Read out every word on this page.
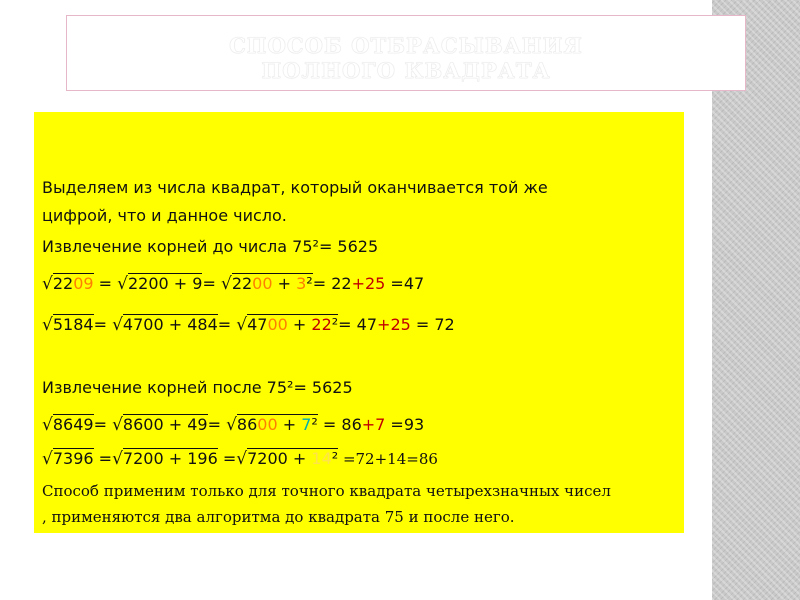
СПОСОБ ОТБРАСЫВАНИЯ
ПОЛНОГО КВАДРАТА
Выделяем из числа квадрат, который оканчивается той же
цифрой, что и данное число.
Извлечение корней до числа 75²= 5625
√2209 = √2200 + 9= √2200 + 3²= 22+25 =47
√5184= √4700 + 484= √4700 + 22²= 47+25 = 72
Извлечение корней после 75²= 5625
√8649= √8600 + 49= √8600 + 7² = 86+7 =93
√7396 =√7200 + 196 =√7200 + 14² =72+14=86
Способ применим только для точного квадрата четырехзначных чисел
, применяются два алгоритма до квадрата 75 и после него.
